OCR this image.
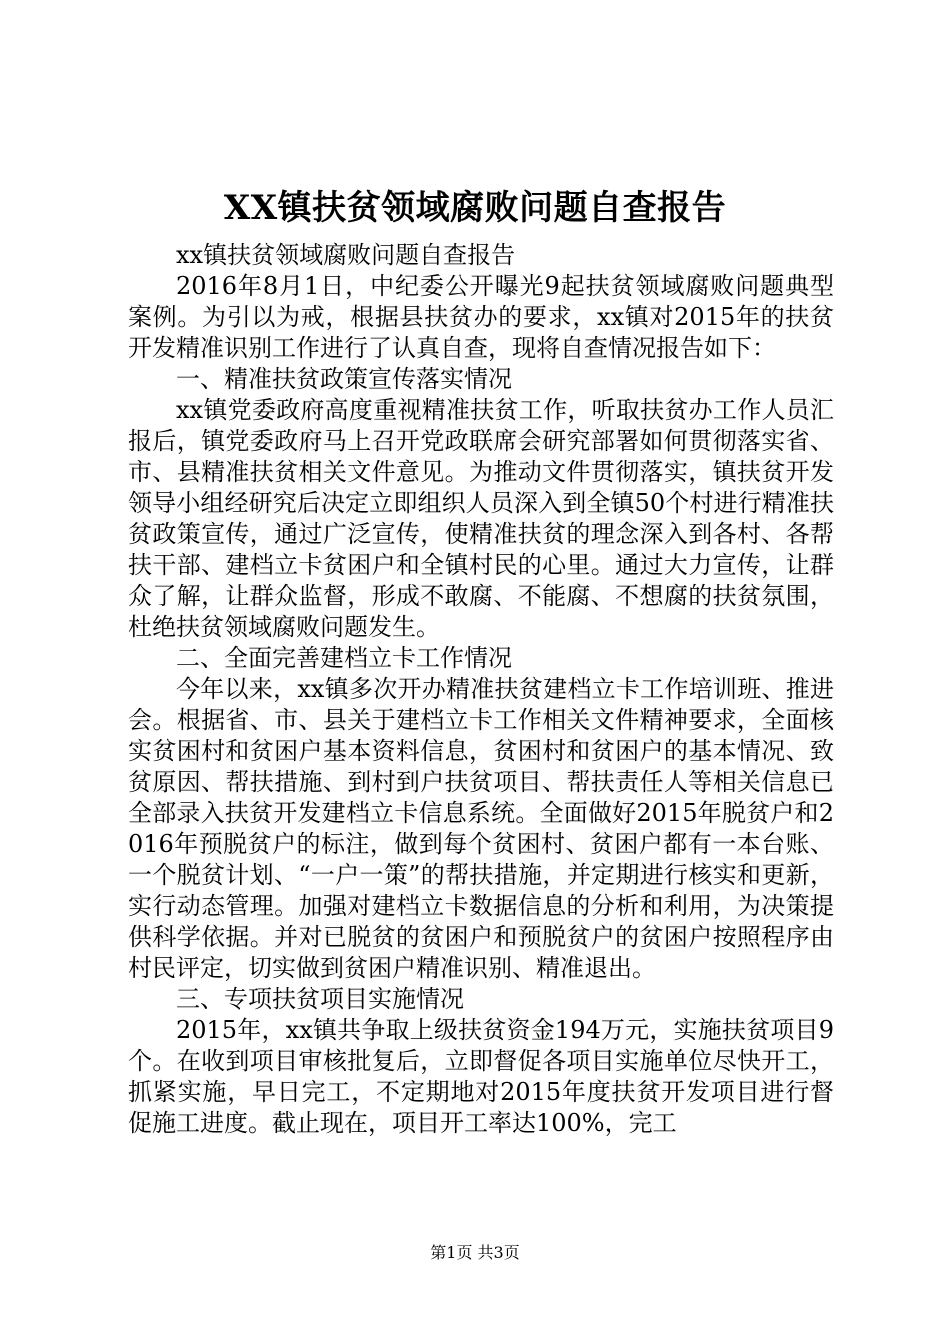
XX镇扶贫领域腐败问题自查报告

xx镇扶贫领域腐败问题自查报告

2016年8月1日，中纪委公开曝光9起扶贫领域腐败问题典型案例。为引以为戒，根据县扶贫办的要求，xx镇对2015年的扶贫开发精准识别工作进行了认真自查，现将自查情况报告如下：

一、精准扶贫政策宣传落实情况

xx镇党委政府高度重视精准扶贫工作，听取扶贫办工作人员汇报后，镇党委政府马上召开党政联席会研究部署如何贯彻落实省、市、县精准扶贫相关文件意见。为推动文件贯彻落实，镇扶贫开发领导小组经研究后决定立即组织人员深入到全镇50个村进行精准扶贫政策宣传，通过广泛宣传，使精准扶贫的理念深入到各村、各帮扶干部、建档立卡贫困户和全镇村民的心里。通过大力宣传，让群众了解，让群众监督，形成不敢腐、不能腐、不想腐的扶贫氛围，杜绝扶贫领域腐败问题发生。

二、全面完善建档立卡工作情况

今年以来，xx镇多次开办精准扶贫建档立卡工作培训班、推进会。根据省、市、县关于建档立卡工作相关文件精神要求，全面核实贫困村和贫困户基本资料信息，贫困村和贫困户的基本情况、致贫原因、帮扶措施、到村到户扶贫项目、帮扶责任人等相关信息已全部录入扶贫开发建档立卡信息系统。全面做好2015年脱贫户和2016年预脱贫户的标注，做到每个贫困村、贫困户都有一本台账、一个脱贫计划、“一户一策”的帮扶措施，并定期进行核实和更新，实行动态管理。加强对建档立卡数据信息的分析和利用，为决策提供科学依据。并对已脱贫的贫困户和预脱贫户的贫困户按照程序由村民评定，切实做到贫困户精准识别、精准退出。

三、专项扶贫项目实施情况

2015年，xx镇共争取上级扶贫资金194万元，实施扶贫项目9个。在收到项目审核批复后，立即督促各项目实施单位尽快开工，抓紧实施，早日完工，不定期地对2015年度扶贫开发项目进行督促施工进度。截止现在，项目开工率达100%，完工

第1页 共3页
